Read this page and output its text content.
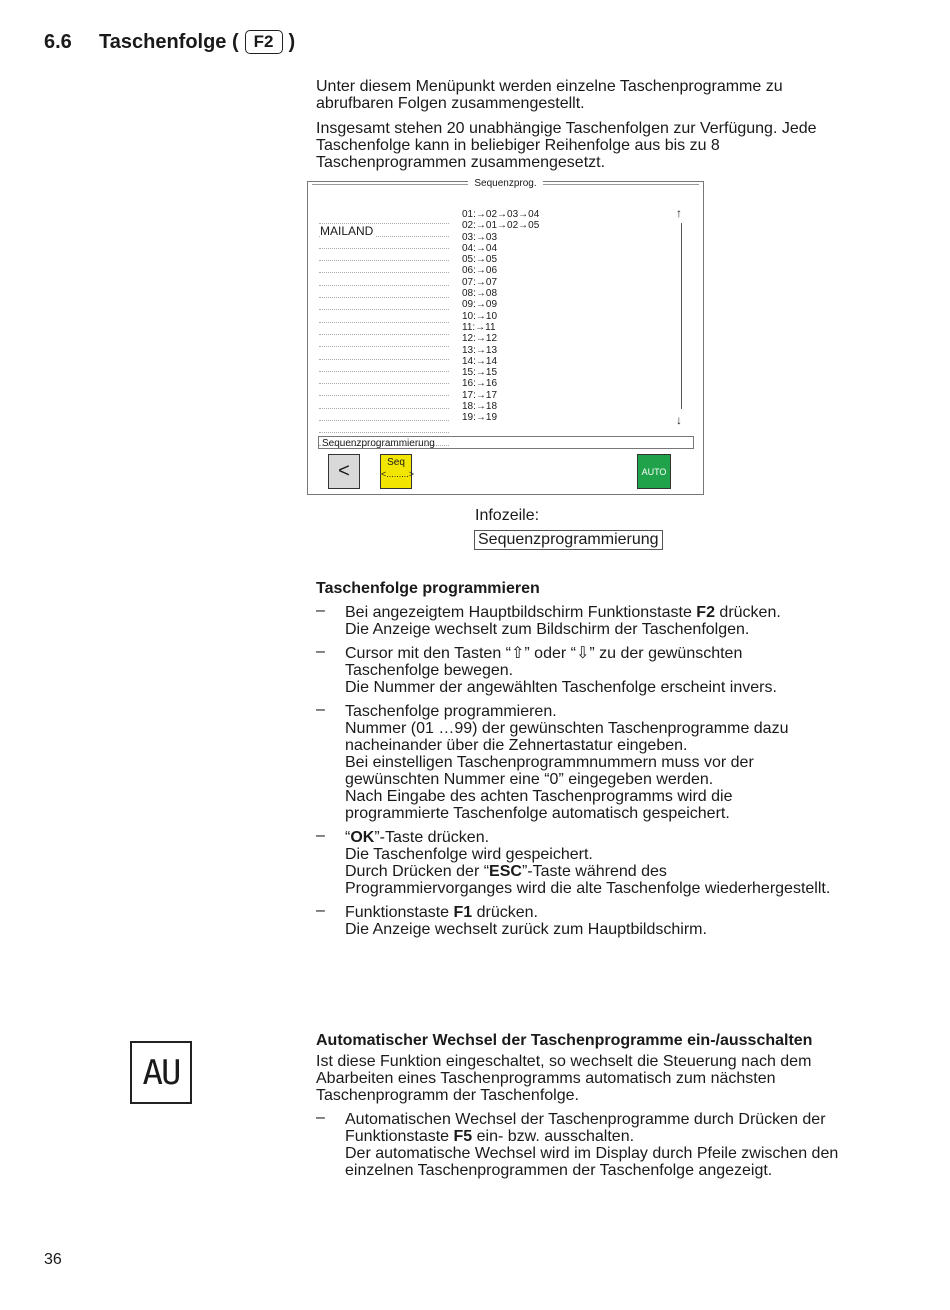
6.6	Taschenfolge ( F2 )

Unter diesem Menüpunkt werden einzelne Taschenprogramme zu abrufbaren Folgen zusammengestellt.

Insgesamt stehen 20 unabhängige Taschenfolgen zur Verfügung. Jede Taschenfolge kann in beliebiger Reihenfolge aus bis zu 8 Taschenprogrammen zusammengesetzt.

Sequenzprog.
MAILAND
01:→02→03→04
02:→01→02→05
03:→03
04:→04
05:→05
06:→06
07:→07
08:→08
09:→09
10:→10
11:→11
12:→12
13:→13
14:→14
15:→15
16:→16
17:→17
18:→18
19:→19
↑
↓
Sequenzprogrammierung
<	Seq
<.........>	AUTO
Infozeile:
Sequenzprogrammierung
Taschenfolge programmieren
– Bei angezeigtem Hauptbildschirm Funktionstaste F2 drücken.
Die Anzeige wechselt zum Bildschirm der Taschenfolgen.
– Cursor mit den Tasten “⇧” oder “⇩” zu der gewünschten Taschenfolge bewegen.
Die Nummer der angewählten Taschenfolge erscheint invers.
– Taschenfolge programmieren.
Nummer (01 …99) der gewünschten Taschenprogramme dazu nacheinander über die Zehnertastatur eingeben.
Bei einstelligen Taschenprogrammnummern muss vor der gewünschten Nummer eine “0” eingegeben werden.
Nach Eingabe des achten Taschenprogramms wird die programmierte Taschenfolge automatisch gespeichert.
– “OK”-Taste drücken.
Die Taschenfolge wird gespeichert.
Durch Drücken der “ESC”-Taste während des Programmiervorganges wird die alte Taschenfolge wiederhergestellt.
– Funktionstaste F1 drücken.
Die Anzeige wechselt zurück zum Hauptbildschirm.
AU
Automatischer Wechsel der Taschenprogramme ein-/ausschalten

Ist diese Funktion eingeschaltet, so wechselt die Steuerung nach dem Abarbeiten eines Taschenprogramms automatisch zum nächsten Taschenprogramm der Taschenfolge.

– Automatischen Wechsel der Taschenprogramme durch Drücken der Funktionstaste F5 ein- bzw. ausschalten.
Der automatische Wechsel wird im Display durch Pfeile zwischen den einzelnen Taschenprogrammen der Taschenfolge angezeigt.
36
